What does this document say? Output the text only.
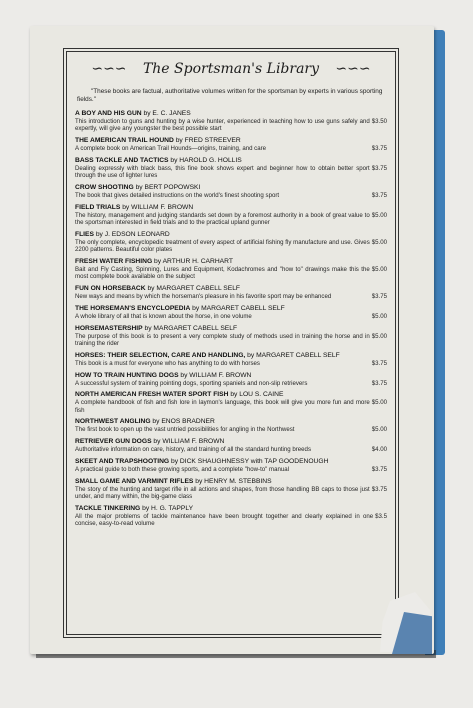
∽∽∽	The Sportsman's Library	∽∽∽
"These books are factual, authoritative volumes written for the sportsman by experts in various sporting fields."
A BOY AND HIS GUN by E. C. JANES
$3.50
This introduction to guns and hunting by a wise hunter, experienced in teaching how to use guns safely and expertly, will give any youngster the best possible start
THE AMERICAN TRAIL HOUND by FRED STREEVER
$3.75
A complete book on American Trail Hounds—origins, training, and care
BASS TACKLE AND TACTICS by HAROLD G. HOLLIS
$3.75
Dealing expressly with black bass, this fine book shows expert and beginner how to obtain better sport through the use of lighter lures
CROW SHOOTING by BERT POPOWSKI
$3.75
The book that gives detailed instructions on the world's finest shooting sport
FIELD TRIALS by WILLIAM F. BROWN
$5.00
The history, management and judging standards set down by a foremost authority in a book of great value to the sportsman interested in field trials and to the practical upland gunner
FLIES by J. EDSON LEONARD
$5.00
The only complete, encyclopedic treatment of every aspect of artificial fishing fly manufacture and use. Gives 2200 patterns. Beautiful color plates
FRESH WATER FISHING by ARTHUR H. CARHART
$5.00
Bait and Fly Casting, Spinning, Lures and Equipment, Kodachromes and "how to" drawings make this the most complete book available on the subject
FUN ON HORSEBACK by MARGARET CABELL SELF
$3.75
New ways and means by which the horseman's pleasure in his favorite sport may be enhanced
THE HORSEMAN'S ENCYCLOPEDIA by MARGARET CABELL SELF
$5.00
A whole library of all that is known about the horse, in one volume
HORSEMASTERSHIP by MARGARET CABELL SELF
$5.00
The purpose of this book is to present a very complete study of methods used in training the horse and in training the rider
HORSES: THEIR SELECTION, CARE AND HANDLING, by MARGARET CABELL SELF
$3.75
This book is a must for everyone who has anything to do with horses
HOW TO TRAIN HUNTING DOGS by WILLIAM F. BROWN
$3.75
A successful system of training pointing dogs, sporting spaniels and non-slip retrievers
NORTH AMERICAN FRESH WATER SPORT FISH by LOU S. CAINE
$5.00
A complete handbook of fish and fish lore in laymon's language, this book will give you more fun and more fish
NORTHWEST ANGLING by ENOS BRADNER
$5.00
The first book to open up the vast untried possibilities for angling in the Northwest
RETRIEVER GUN DOGS by WILLIAM F. BROWN
$4.00
Authoritative information on care, history, and training of all the standard hunting breeds
SKEET AND TRAPSHOOTING by DICK SHAUGHNESSY with TAP GOODENOUGH
$3.75
A practical guide to both these growing sports, and a complete "how-to" manual
SMALL GAME AND VARMINT RIFLES by HENRY M. STEBBINS
$3.75
The story of the hunting and target rifle in all actions and shapes, from those handling BB caps to those just under, and many within, the big-game class
TACKLE TINKERING by H. G. TAPPLY
$3.5
All the major problems of tackle maintenance have been brought together and clearly explained in one concise, easy-to-read volume
